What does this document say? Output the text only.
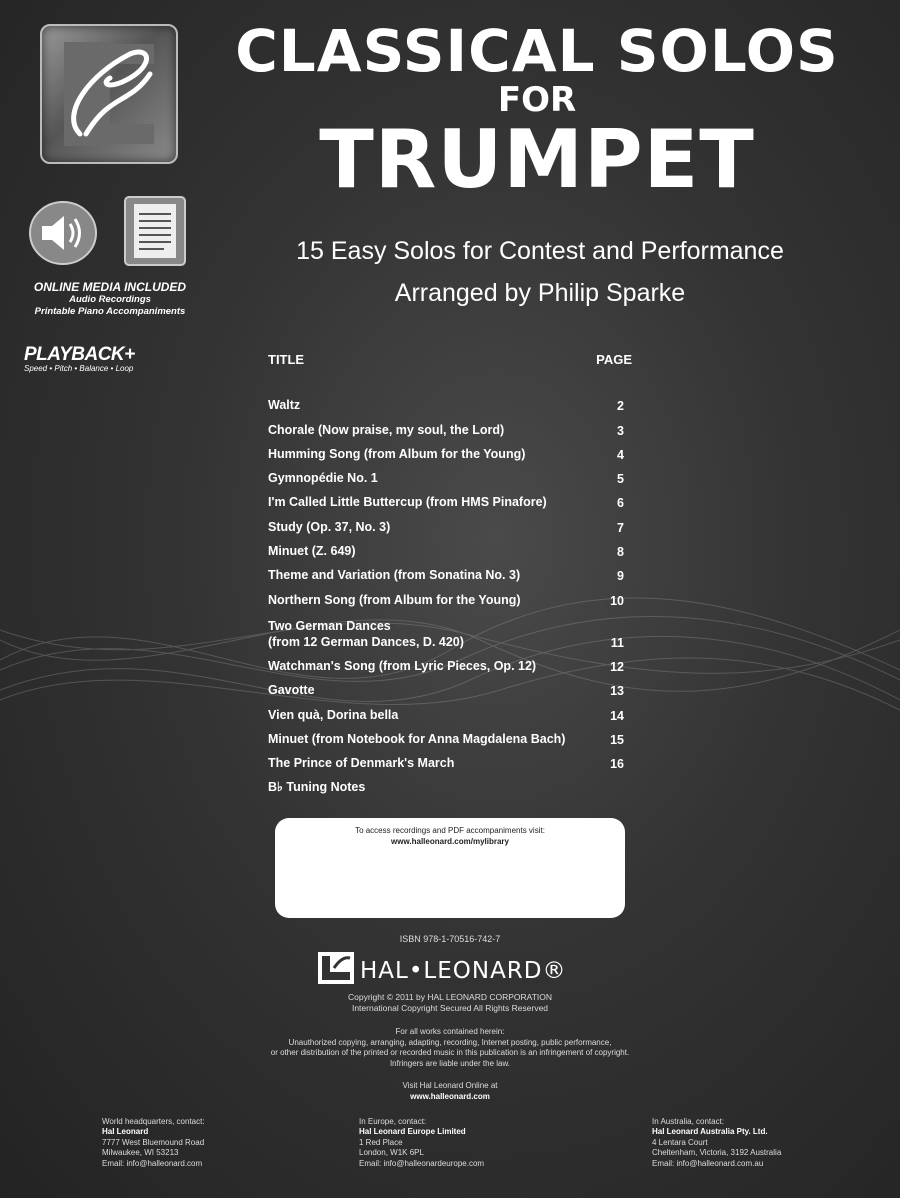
ONLINE MEDIA INCLUDED
Audio Recordings
Printable Piano Accompaniments
PLAYBACK+
Speed • Pitch • Balance • Loop
CLASSICAL SOLOS
FOR
TRUMPET
15 Easy Solos for Contest and Performance
Arranged by Philip Sparke
TITLE	PAGE
Waltz	2
Chorale (Now praise, my soul, the Lord)	3
Humming Song (from Album for the Young)	4
Gymnopédie No. 1	5
I'm Called Little Buttercup (from HMS Pinafore)	6
Study (Op. 37, No. 3)	7
Minuet (Z. 649)	8
Theme and Variation (from Sonatina No. 3)	9
Northern Song (from Album for the Young)	10
Two German Dances
(from 12 German Dances, D. 420)	11
Watchman's Song (from Lyric Pieces, Op. 12)	12
Gavotte	13
Vien quà, Dorina bella	14
Minuet (from Notebook for Anna Magdalena Bach)	15
The Prince of Denmark's March	16
B♭ Tuning Notes
To access recordings and PDF accompaniments visit:
www.halleonard.com/mylibrary
ISBN 978-1-70516-742-7
HAL•LEONARD®
Copyright © 2011 by HAL LEONARD CORPORATION
International Copyright Secured All Rights Reserved
For all works contained herein:
Unauthorized copying, arranging, adapting, recording, Internet posting, public performance,
or other distribution of the printed or recorded music in this publication is an infringement of copyright.
Infringers are liable under the law.
Visit Hal Leonard Online at
www.halleonard.com
World headquarters, contact:
Hal Leonard
7777 West Bluemound Road
Milwaukee, WI 53213
Email: info@halleonard.com
In Europe, contact:
Hal Leonard Europe Limited
1 Red Place
London, W1K 6PL
Email: info@halleonardeurope.com
In Australia, contact:
Hal Leonard Australia Pty. Ltd.
4 Lentara Court
Cheltenham, Victoria, 3192 Australia
Email: info@halleonard.com.au
